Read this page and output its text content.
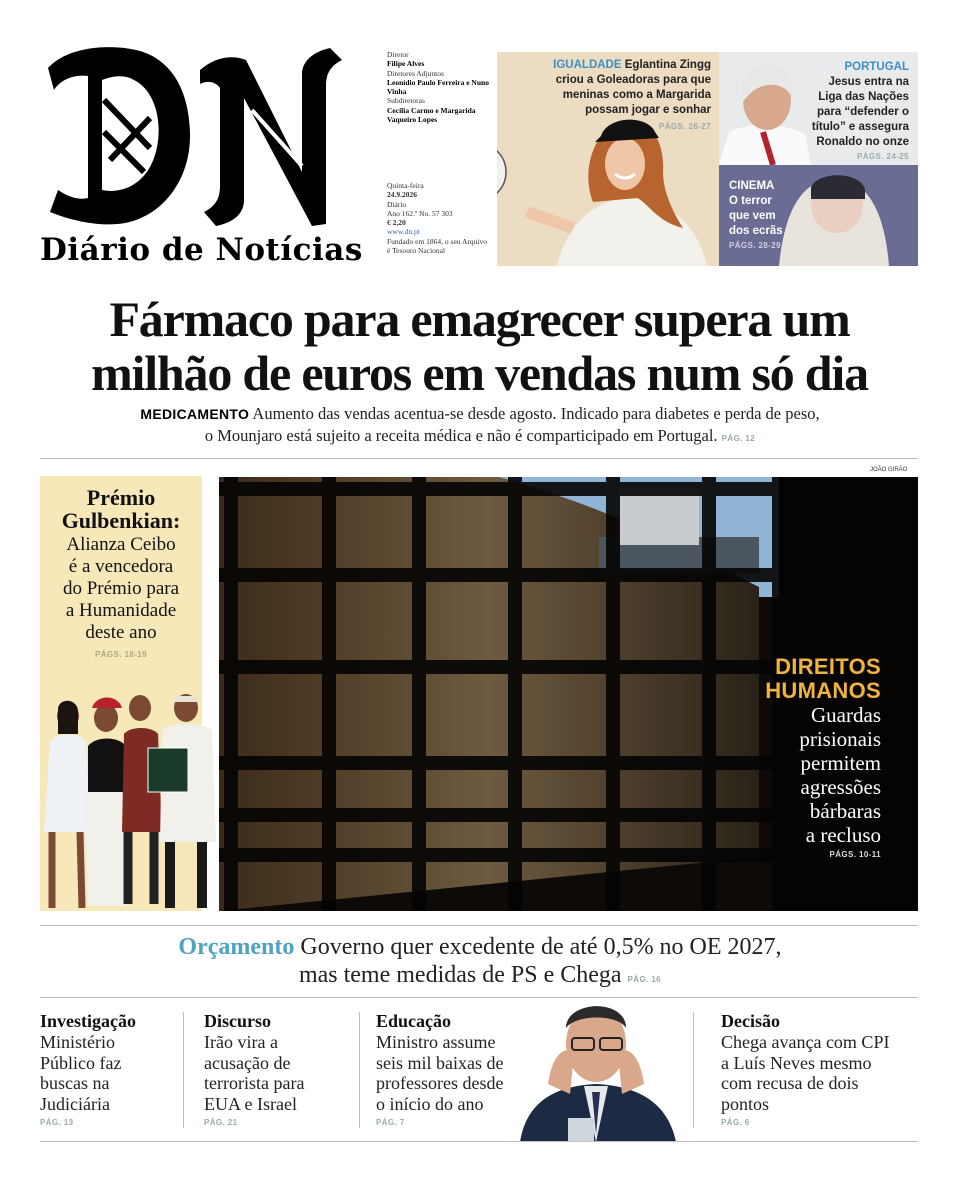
Diário de Notícias
Diretor
Filipe Alves
Diretores Adjuntos
Leonídio Paulo Ferreira e Nuno Vinha
Subdiretoras
Cecília Carmo e Margarida Vaqueiro Lopes
Quinta-feira
24.9.2026
Diário
Ano 162.º No. 57 303
€ 2,20
www.dn.pt
Fundado em 1864, o seu Arquivo é Tesouro Nacional
IGUALDADE Eglantina Zingg criou a Goleadoras para que meninas como a Margarida possam jogar e sonhar
PÁGS. 26-27
PORTUGAL
Jesus entra na Liga das Nações para “defender o título” e assegura Ronaldo no onze
PÁGS. 24-25
CINEMA
O terror que vem dos ecrãs
PÁGS. 28-29
Fármaco para emagrecer supera um
milhão de euros em vendas num só dia
MEDICAMENTO Aumento das vendas acentua-se desde agosto. Indicado para diabetes e perda de peso,
o Mounjaro está sujeito a receita médica e não é comparticipado em Portugal. PÁG. 12
Prémio
Gulbenkian:
Alianza Ceibo
é a vencedora
do Prémio para
a Humanidade
deste ano
PÁGS. 18-19
JOÃO GIRÃO
DIREITOS
HUMANOS
Guardas
prisionais
permitem
agressões
bárbaras
a recluso
PÁGS. 10-11
Orçamento Governo quer excedente de até 0,5% no OE 2027,
mas teme medidas de PS e Chega PÁG. 16
Investigação
Ministério
Público faz
buscas na
Judiciária
PÁG. 13
Discurso
Irão vira a
acusação de
terrorista para
EUA e Israel
PÁG. 21
Educação
Ministro assume
seis mil baixas de
professores desde
o início do ano
PÁG. 7
Decisão
Chega avança com CPI
a Luís Neves mesmo
com recusa de dois
pontos
PÁG. 6
